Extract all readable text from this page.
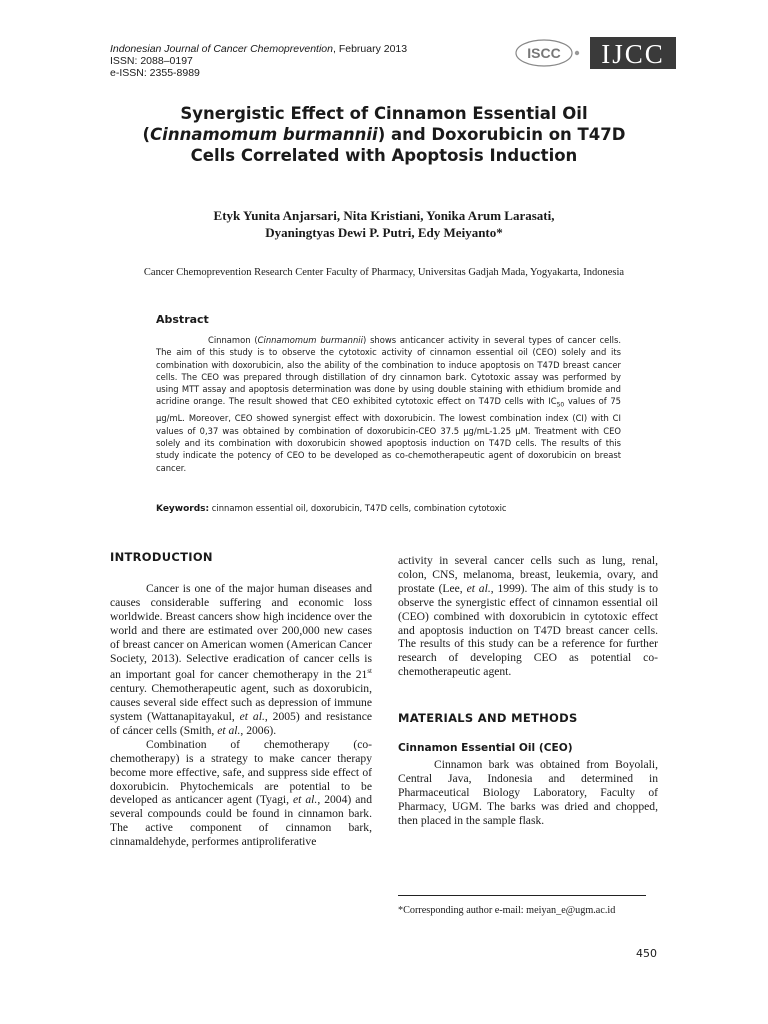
Indonesian Journal of Cancer Chemoprevention, February 2013
ISSN: 2088–0197
e-ISSN: 2355-8989
ISCC IJCC
Synergistic Effect of Cinnamon Essential Oil
(Cinnamomum burmannii) and Doxorubicin on T47D
Cells Correlated with Apoptosis Induction
Etyk Yunita Anjarsari, Nita Kristiani, Yonika Arum Larasati,
Dyaningtyas Dewi P. Putri, Edy Meiyanto*
Cancer Chemoprevention Research Center Faculty of Pharmacy, Universitas Gadjah Mada, Yogyakarta, Indonesia
Abstract
Cinnamon (Cinnamomum burmannii) shows anticancer activity in several types of cancer cells. The aim of this study is to observe the cytotoxic activity of cinnamon essential oil (CEO) solely and its combination with doxorubicin, also the ability of the combination to induce apoptosis on T47D breast cancer cells. The CEO was prepared through distillation of dry cinnamon bark. Cytotoxic assay was performed by using MTT assay and apoptosis determination was done by using double staining with ethidium bromide and acridine orange. The result showed that CEO exhibited cytotoxic effect on T47D cells with $IC_{50}$ values of 75 µg/mL. Moreover, CEO showed synergist effect with doxorubicin. The lowest combination index (CI) with CI values of 0,37 was obtained by combination of doxorubicin-CEO 37.5 µg/mL-1.25 µM. Treatment with CEO solely and its combination with doxorubicin showed apoptosis induction on T47D cells. The results of this study indicate the potency of CEO to be developed as co-chemotherapeutic agent of doxorubicin on breast cancer.
Keywords: cinnamon essential oil, doxorubicin, T47D cells, combination cytotoxic
INTRODUCTION

Cancer is one of the major human diseases and causes considerable suffering and economic loss worldwide. Breast cancers show high incidence over the world and there are estimated over 200,000 new cases of breast cancer on American women (American Cancer Society, 2013). Selective eradication of cancer cells is an important goal for cancer chemotherapy in the 21st century. Chemotherapeutic agent, such as doxorubicin, causes several side effect such as depression of immune system (Wattanapitayakul, et al., 2005) and resistance of cáncer cells (Smith, et al., 2006).

Combination of chemotherapy (co-chemotherapy) is a strategy to make cancer therapy become more effective, safe, and suppress side effect of doxorubicin. Phytochemicals are potential to be developed as anticancer agent (Tyagi, et al., 2004) and several compounds could be found in cinnamon bark. The active component of cinnamon bark, cinnamaldehyde, performes antiproliferative

activity in several cancer cells such as lung, renal, colon, CNS, melanoma, breast, leukemia, ovary, and prostate (Lee, et al., 1999). The aim of this study is to observe the synergistic effect of cinnamon essential oil (CEO) combined with doxorubicin in cytotoxic effect and apoptosis induction on T47D breast cancer cells. The results of this study can be a reference for further research of developing CEO as potential co-chemotherapeutic agent.

MATERIALS AND METHODS
Cinnamon Essential Oil (CEO)

Cinnamon bark was obtained from Boyolali, Central Java, Indonesia and determined in Pharmaceutical Biology Laboratory, Faculty of Pharmacy, UGM. The barks was dried and chopped, then placed in the sample flask.

*Corresponding author e-mail: meiyan_e@ugm.ac.id
450
